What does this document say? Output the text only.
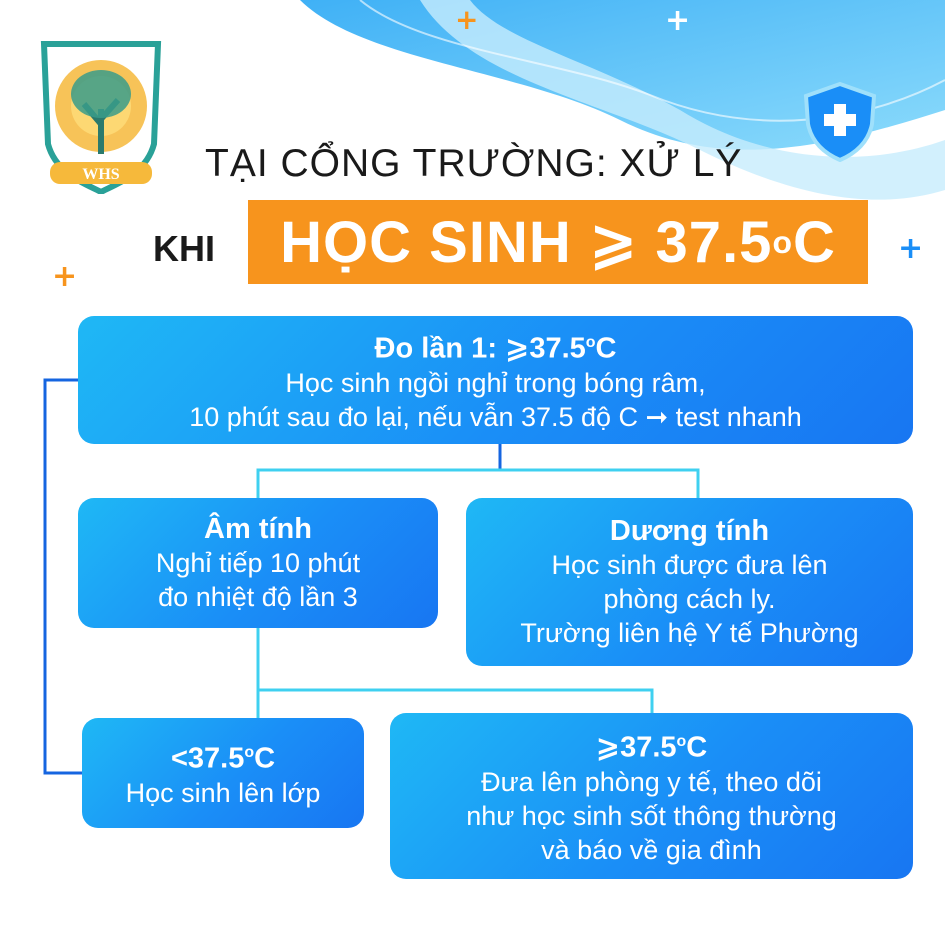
WHS
+	+
+
+
TẠI CỔNG TRƯỜNG: XỬ LÝ
KHI HỌC SINH ⩾ 37.5 o C
Đo lần 1: ⩾37.5$^o$C
Học sinh ngồi nghỉ trong bóng râm,
10 phút sau đo lại, nếu vẫn 37.5 độ C ➞ test nhanh
Âm tính
Nghỉ tiếp 10 phút
đo nhiệt độ lần 3
Dương tính
Học sinh được đưa lên
phòng cách ly.
Trường liên hệ Y tế Phường
$<37.5^oC$
Học sinh lên lớp
⩾37.5$^o$C
Đưa lên phòng y tế, theo dõi
như học sinh sốt thông thường
và báo về gia đình
